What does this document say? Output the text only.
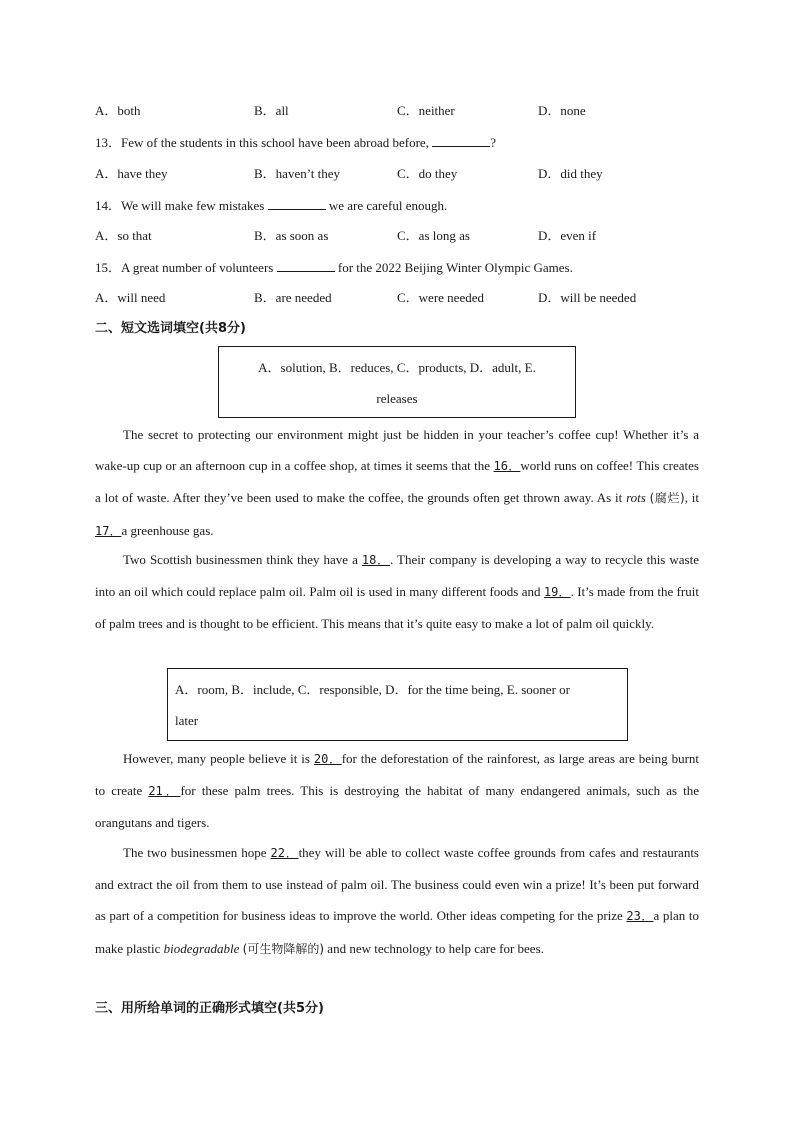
A．both	B．all	C．neither	D．none
13．Few of the students in this school have been abroad before,	?
A．have they	B．haven’t they	C．do they	D．did they
14．We will make few mistakes	we are careful enough.
A．so that	B．as soon as	C．as long as	D．even if
15．A great number of volunteers	for the 2022 Beijing Winter Olympic Games.
A．will need	B．are needed	C．were needed	D．will be needed
二、短文选词填空(共8分)
A．solution, B．reduces, C．products, D．adult, E.
releases

The secret to protecting our environment might just be hidden in your teacher’s coffee cup! Whether it’s a wake-up cup or an afternoon cup in a coffee shop, at times it seems that the 16．world runs on coffee! This creates a lot of waste. After they’ve been used to make the coffee, the grounds often get thrown away. As it rots (腐烂), it 17．a greenhouse gas.

Two Scottish businessmen think they have a 18．. Their company is developing a way to recycle this waste into an oil which could replace palm oil. Palm oil is used in many different foods and 19．. It’s made from the fruit of palm trees and is thought to be efficient. This means that it’s quite easy to make a lot of palm oil quickly.

A．room, B．include, C．responsible, D．for the time being, E. sooner or
later

However, many people believe it is 20．for the deforestation of the rainforest, as large areas are being burnt to create 21．for these palm trees. This is destroying the habitat of many endangered animals, such as the orangutans and tigers.

The two businessmen hope 22．they will be able to collect waste coffee grounds from cafes and restaurants and extract the oil from them to use instead of palm oil. The business could even win a prize! It’s been put forward as part of a competition for business ideas to improve the world. Other ideas competing for the prize 23．a plan to make plastic biodegradable (可生物降解的) and new technology to help care for bees.

三、用所给单词的正确形式填空(共5分)
